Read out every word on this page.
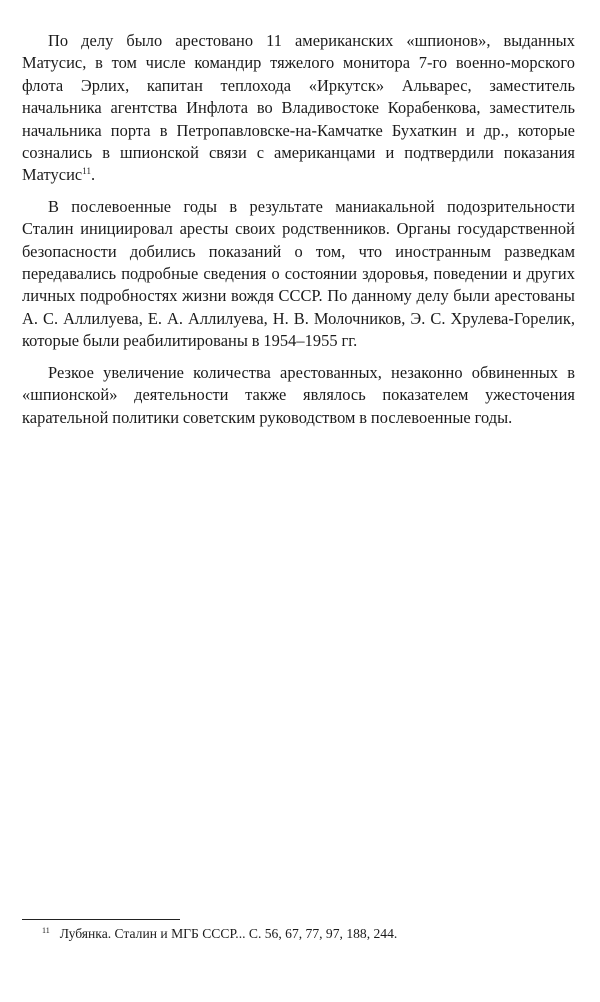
По делу было арестовано 11 американских «шпионов», выданных Матусис, в том числе командир тяжелого монитора 7-го военно-морского флота Эрлих, капитан теплохода «Иркутск» Альварес, заместитель начальника агентства Инфлота во Владивостоке Корабенкова, заместитель начальника порта в Петропавловске-на-Камчатке Бухаткин и др., которые сознались в шпионской связи с американцами и подтвердили показания Матусис$^{11}$.

В послевоенные годы в результате маниакальной подозрительности Сталин инициировал аресты своих родственников. Органы государственной безопасности добились показаний о том, что иностранным разведкам передавались подробные сведения о состоянии здоровья, поведении и других личных подробностях жизни вождя СССР. По данному делу были арестованы А. С. Аллилуева, Е. А. Аллилуева, Н. В. Молочников, Э. С. Хрулева-Горелик, которые были реабилитированы в 1954–1955 гг.

Резкое увеличение количества арестованных, незаконно обвиненных в «шпионской» деятельности также являлось показателем ужесточения карательной политики советским руководством в послевоенные годы.

$^{11}$ Лубянка. Сталин и МГБ СССР... С. 56, 67, 77, 97, 188, 244.
